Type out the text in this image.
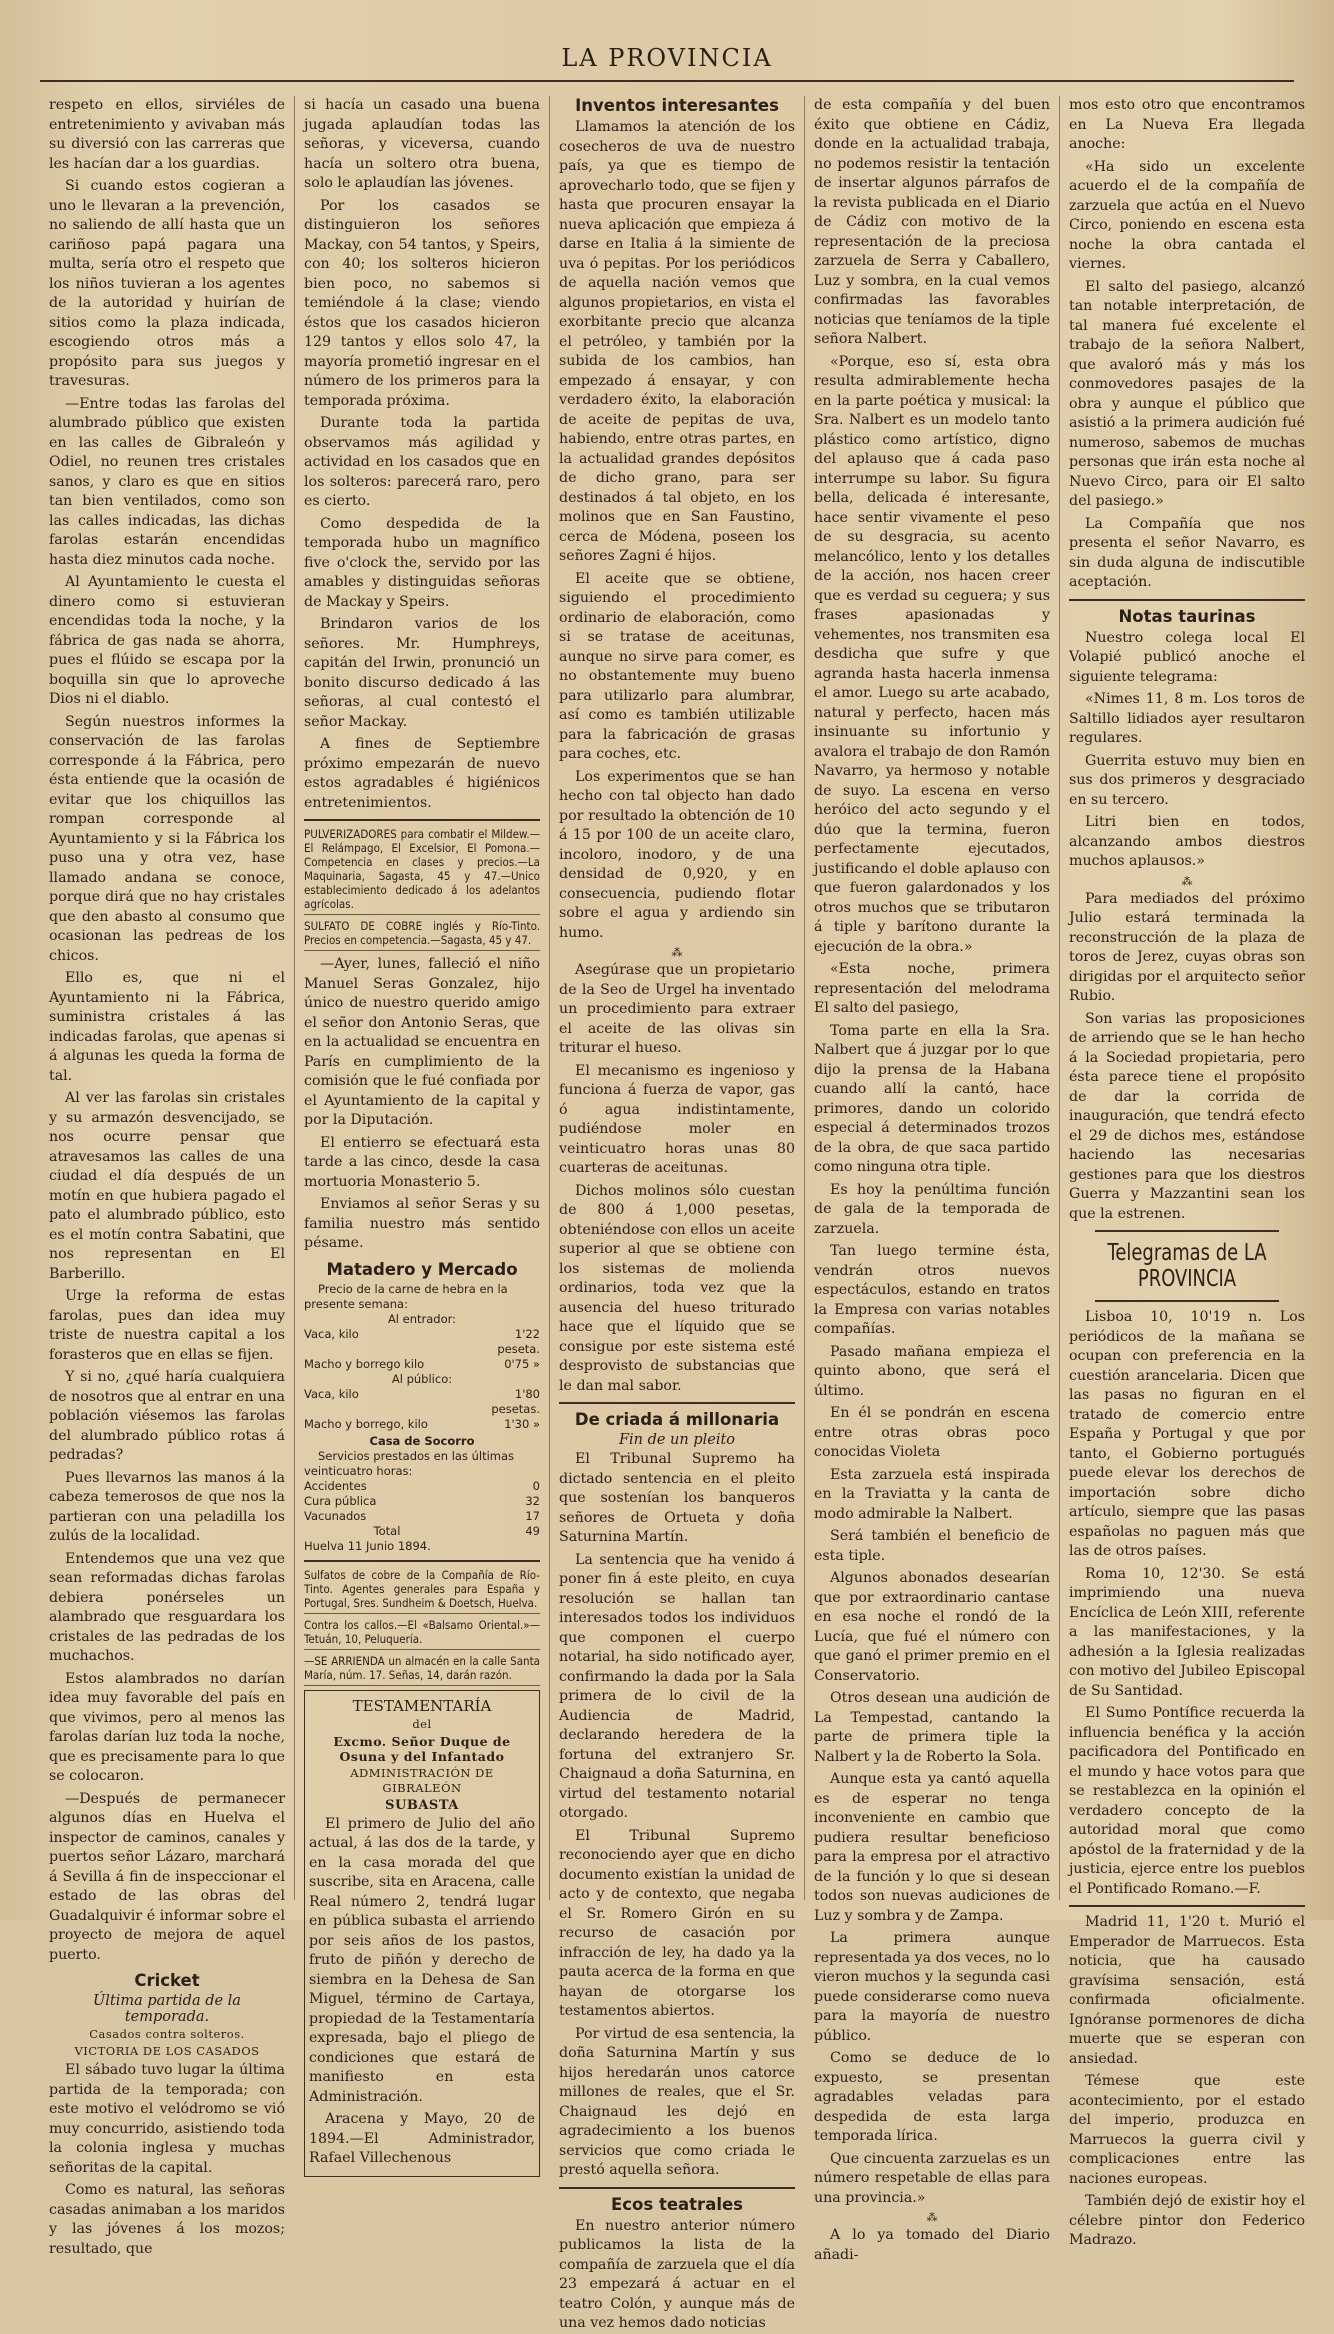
LA PROVINCIA

respeto en ellos, sirviéles de entretenimiento y avivaban más su diversió con las carreras que les hacían dar a los guardias.

Si cuando estos cogieran a uno le llevaran a la prevención, no saliendo de allí hasta que un cariñoso papá pagara una multa, sería otro el respeto que los niños tuvieran a los agentes de la autoridad y huirían de sitios como la plaza indicada, escogiendo otros más a propósito para sus juegos y travesuras.

—Entre todas las farolas del alumbrado público que existen en las calles de Gibraleón y Odiel, no reunen tres cristales sanos, y claro es que en sitios tan bien ventilados, como son las calles indicadas, las dichas farolas estarán encendidas hasta diez minutos cada noche.

Al Ayuntamiento le cuesta el dinero como si estuvieran encendidas toda la noche, y la fábrica de gas nada se ahorra, pues el flúido se escapa por la boquilla sin que lo aproveche Dios ni el diablo.

Según nuestros informes la conservación de las farolas corresponde á la Fábrica, pero ésta entiende que la ocasión de evitar que los chiquillos las rompan corresponde al Ayuntamiento y si la Fábrica los puso una y otra vez, hase llamado andana se conoce, porque dirá que no hay cristales que den abasto al consumo que ocasionan las pedreas de los chicos.

Ello es, que ni el Ayuntamiento ni la Fábrica, suministra cristales á las indicadas farolas, que apenas si á algunas les queda la forma de tal.

Al ver las farolas sin cristales y su armazón desvencijado, se nos ocurre pensar que atravesamos las calles de una ciudad el día después de un motín en que hubiera pagado el pato el alumbrado público, esto es el motín contra Sabatini, que nos representan en El Barberillo.

Urge la reforma de estas farolas, pues dan idea muy triste de nuestra capital a los forasteros que en ellas se fijen.

Y si no, ¿qué haría cualquiera de nosotros que al entrar en una población viésemos las farolas del alumbrado público rotas á pedradas?

Pues llevarnos las manos á la cabeza temerosos de que nos la partieran con una peladilla los zulús de la localidad.

Entendemos que una vez que sean reformadas dichas farolas debiera ponérseles un alambrado que resguardara los cristales de las pedradas de los muchachos.

Estos alambrados no darían idea muy favorable del país en que vivimos, pero al menos las farolas darían luz toda la noche, que es precisamente para lo que se colocaron.

—Después de permanecer algunos días en Huelva el inspector de caminos, canales y puertos señor Lázaro, marchará á Sevilla á fin de inspeccionar el estado de las obras del Guadalquivir é informar sobre el proyecto de mejora de aquel puerto.

Cricket
Última partida de la temporada.
Casados contra solteros.
VICTORIA DE LOS CASADOS

El sábado tuvo lugar la última partida de la temporada; con este motivo el velódromo se vió muy concurrido, asistiendo toda la colonia inglesa y muchas señoritas de la capital.

Como es natural, las señoras casadas animaban a los maridos y las jóvenes á los mozos; resultado, que

si hacía un casado una buena jugada aplaudían todas las señoras, y viceversa, cuando hacía un soltero otra buena, solo le aplaudían las jóvenes.

Por los casados se distinguieron los señores Mackay, con 54 tantos, y Speirs, con 40; los solteros hicieron bien poco, no sabemos si temiéndole á la clase; viendo éstos que los casados hicieron 129 tantos y ellos solo 47, la mayoría prometió ingresar en el número de los primeros para la temporada próxima.

Durante toda la partida observamos más agilidad y actividad en los casados que en los solteros: parecerá raro, pero es cierto.

Como despedida de la temporada hubo un magnífico five o'clock the, servido por las amables y distinguidas señoras de Mackay y Speirs.

Brindaron varios de los señores. Mr. Humphreys, capitán del Irwin, pronunció un bonito discurso dedicado á las señoras, al cual contestó el señor Mackay.

A fines de Septiembre próximo empezarán de nuevo estos agradables é higiénicos entretenimientos.

PULVERIZADORES para combatir el Mildew.—El Relámpago, El Excelsior, El Pomona.—Competencia en clases y precios.—La Maquinaria, Sagasta, 45 y 47.—Unico establecimiento dedicado á los adelantos agrícolas.
SULFATO DE COBRE inglés y Río-Tinto. Precios en competencia.—Sagasta, 45 y 47.

—Ayer, lunes, falleció el niño Manuel Seras Gonzalez, hijo único de nuestro querido amigo el señor don Antonio Seras, que en la actualidad se encuentra en París en cumplimiento de la comisión que le fué confiada por el Ayuntamiento de la capital y por la Diputación.

El entierro se efectuará esta tarde a las cinco, desde la casa mortuoria Monasterio 5.

Enviamos al señor Seras y su familia nuestro más sentido pésame.

Matadero y Mercado

Precio de la carne de hebra en la presente semana:

Al entrador:

Vaca, kilo	1'22 peseta.
Macho y borrego kilo	0'75 »

Al público:

Vaca, kilo	1'80 pesetas.
Macho y borrego, kilo	1'30 »

Casa de Socorro

Servicios prestados en las últimas veinticuatro horas:

Accidentes	0
Cura pública	32
Vacunados	17
Total	49

Huelva 11 Junio 1894.

Sulfatos de cobre de la Compañía de Río-Tinto. Agentes generales para España y Portugal, Sres. Sundheim & Doetsch, Huelva.
Contra los callos.—El «Balsamo Oriental.»—Tetuán, 10, Peluquería.
—SE ARRIENDA un almacén en la calle Santa María, núm. 17. Señas, 14, darán razón.
TESTAMENTARÍA
del
Excmo. Señor Duque de Osuna y del Infantado
ADMINISTRACIÓN DE GIBRALEÓN
SUBASTA

El primero de Julio del año actual, á las dos de la tarde, y en la casa morada del que suscribe, sita en Aracena, calle Real número 2, tendrá lugar en pública subasta el arriendo por seis años de los pastos, fruto de piñón y derecho de siembra en la Dehesa de San Miguel, término de Cartaya, propiedad de la Testamentaría expresada, bajo el pliego de condiciones que estará de manifiesto en esta Administración.

Aracena y Mayo, 20 de 1894.—El Administrador, Rafael Villechenous

Inventos interesantes

Llamamos la atención de los cosecheros de uva de nuestro país, ya que es tiempo de aprovecharlo todo, que se fijen y hasta que procuren ensayar la nueva aplicación que empieza á darse en Italia á la simiente de uva ó pepitas. Por los periódicos de aquella nación vemos que algunos propietarios, en vista el exorbitante precio que alcanza el petróleo, y también por la subida de los cambios, han empezado á ensayar, y con verdadero éxito, la elaboración de aceite de pepitas de uva, habiendo, entre otras partes, en la actualidad grandes depósitos de dicho grano, para ser destinados á tal objeto, en los molinos que en San Faustino, cerca de Módena, poseen los señores Zagni é hijos.

El aceite que se obtiene, siguiendo el procedimiento ordinario de elaboración, como si se tratase de aceitunas, aunque no sirve para comer, es no obstantemente muy bueno para utilizarlo para alumbrar, así como es también utilizable para la fabricación de grasas para coches, etc.

Los experimentos que se han hecho con tal objecto han dado por resultado la obtención de 10 á 15 por 100 de un aceite claro, incoloro, inodoro, y de una densidad de 0,920, y en consecuencia, pudiendo flotar sobre el agua y ardiendo sin humo.

⁂

Asegúrase que un propietario de la Seo de Urgel ha inventado un procedimiento para extraer el aceite de las olivas sin triturar el hueso.

El mecanismo es ingenioso y funciona á fuerza de vapor, gas ó agua indistintamente, pudiéndose moler en veinticuatro horas unas 80 cuarteras de aceitunas.

Dichos molinos sólo cuestan de 800 á 1,000 pesetas, obteniéndose con ellos un aceite superior al que se obtiene con los sistemas de molienda ordinarios, toda vez que la ausencia del hueso triturado hace que el líquido que se consigue por este sistema esté desprovisto de substancias que le dan mal sabor.

De criada á millonaria
Fin de un pleito

El Tribunal Supremo ha dictado sentencia en el pleito que sostenían los banqueros señores de Ortueta y doña Saturnina Martín.

La sentencia que ha venido á poner fin á este pleito, en cuya resolución se hallan tan interesados todos los individuos que componen el cuerpo notarial, ha sido notificado ayer, confirmando la dada por la Sala primera de lo civil de la Audiencia de Madrid, declarando heredera de la fortuna del extranjero Sr. Chaignaud a doña Saturnina, en virtud del testamento notarial otorgado.

El Tribunal Supremo reconociendo ayer que en dicho documento existían la unidad de acto y de contexto, que negaba el Sr. Romero Girón en su recurso de casación por infracción de ley, ha dado ya la pauta acerca de la forma en que hayan de otorgarse los testamentos abiertos.

Por virtud de esa sentencia, la doña Saturnina Martín y sus hijos heredarán unos catorce millones de reales, que el Sr. Chaignaud les dejó en agradecimiento a los buenos servicios que como criada le prestó aquella señora.

Ecos teatrales

En nuestro anterior número publicamos la lista de la compañía de zarzuela que el día 23 empezará á actuar en el teatro Colón, y aunque más de una vez hemos dado noticias

de esta compañía y del buen éxito que obtiene en Cádiz, donde en la actualidad trabaja, no podemos resistir la tentación de insertar algunos párrafos de la revista publicada en el Diario de Cádiz con motivo de la representación de la preciosa zarzuela de Serra y Caballero, Luz y sombra, en la cual vemos confirmadas las favorables noticias que teníamos de la tiple señora Nalbert.

«Porque, eso sí, esta obra resulta admirablemente hecha en la parte poética y musical: la Sra. Nalbert es un modelo tanto plástico como artístico, digno del aplauso que á cada paso interrumpe su labor. Su figura bella, delicada é interesante, hace sentir vivamente el peso de su desgracia, su acento melancólico, lento y los detalles de la acción, nos hacen creer que es verdad su ceguera; y sus frases apasionadas y vehementes, nos transmiten esa desdicha que sufre y que agranda hasta hacerla inmensa el amor. Luego su arte acabado, natural y perfecto, hacen más insinuante su infortunio y avalora el trabajo de don Ramón Navarro, ya hermoso y notable de suyo. La escena en verso heróico del acto segundo y el dúo que la termina, fueron perfectamente ejecutados, justificando el doble aplauso con que fueron galardonados y los otros muchos que se tributaron á tiple y barítono durante la ejecución de la obra.»

«Esta noche, primera representación del melodrama El salto del pasiego,

Toma parte en ella la Sra. Nalbert que á juzgar por lo que dijo la prensa de la Habana cuando allí la cantó, hace primores, dando un colorido especial á determinados trozos de la obra, de que saca partido como ninguna otra tiple.

Es hoy la penúltima función de gala de la temporada de zarzuela.

Tan luego termine ésta, vendrán otros nuevos espectáculos, estando en tratos la Empresa con varias notables compañías.

Pasado mañana empieza el quinto abono, que será el último.

En él se pondrán en escena entre otras obras poco conocidas Violeta

Esta zarzuela está inspirada en la Traviatta y la canta de modo admirable la Nalbert.

Será también el beneficio de esta tiple.

Algunos abonados desearían que por extraordinario cantase en esa noche el rondó de la Lucía, que fué el número con que ganó el primer premio en el Conservatorio.

Otros desean una audición de La Tempestad, cantando la parte de primera tiple la Nalbert y la de Roberto la Sola.

Aunque esta ya cantó aquella es de esperar no tenga inconveniente en cambio que pudiera resultar beneficioso para la empresa por el atractivo de la función y lo que si desean todos son nuevas audiciones de Luz y sombra y de Zampa.

La primera aunque representada ya dos veces, no lo vieron muchos y la segunda casi puede considerarse como nueva para la mayoría de nuestro público.

Como se deduce de lo expuesto, se presentan agradables veladas para despedida de esta larga temporada lírica.

Que cincuenta zarzuelas es un número respetable de ellas para una provincia.»

⁂

A lo ya tomado del Diario añadi-

mos esto otro que encontramos en La Nueva Era llegada anoche:

«Ha sido un excelente acuerdo el de la compañía de zarzuela que actúa en el Nuevo Circo, poniendo en escena esta noche la obra cantada el viernes.

El salto del pasiego, alcanzó tan notable interpretación, de tal manera fué excelente el trabajo de la señora Nalbert, que avaloró más y más los conmovedores pasajes de la obra y aunque el público que asistió a la primera audición fué numeroso, sabemos de muchas personas que irán esta noche al Nuevo Circo, para oir El salto del pasiego.»

La Compañía que nos presenta el señor Navarro, es sin duda alguna de indiscutible aceptación.

Notas taurinas

Nuestro colega local El Volapié publicó anoche el siguiente telegrama:

«Nimes 11, 8 m. Los toros de Saltillo lidiados ayer resultaron regulares.

Guerrita estuvo muy bien en sus dos primeros y desgraciado en su tercero.

Litri bien en todos, alcanzando ambos diestros muchos aplausos.»

⁂

Para mediados del próximo Julio estará terminada la reconstrucción de la plaza de toros de Jerez, cuyas obras son dirigidas por el arquitecto señor Rubio.

Son varias las proposiciones de arriendo que se le han hecho á la Sociedad propietaria, pero ésta parece tiene el propósito de dar la corrida de inauguración, que tendrá efecto el 29 de dichos mes, estándose haciendo las necesarias gestiones para que los diestros Guerra y Mazzantini sean los que la estrenen.

Telegramas de LA PROVINCIA

Lisboa 10, 10'19 n. Los periódicos de la mañana se ocupan con preferencia en la cuestión arancelaria. Dicen que las pasas no figuran en el tratado de comercio entre España y Portugal y que por tanto, el Gobierno portugués puede elevar los derechos de importación sobre dicho artículo, siempre que las pasas españolas no paguen más que las de otros países.

Roma 10, 12'30. Se está imprimiendo una nueva Encíclica de León XIII, referente a las manifestaciones, y la adhesión a la Iglesia realizadas con motivo del Jubileo Episcopal de Su Santidad.

El Sumo Pontífice recuerda la influencia benéfica y la acción pacificadora del Pontificado en el mundo y hace votos para que se restablezca en la opinión el verdadero concepto de la autoridad moral que como apóstol de la fraternidad y de la justicia, ejerce entre los pueblos el Pontificado Romano.—F.

Madrid 11, 1'20 t. Murió el Emperador de Marruecos. Esta noticia, que ha causado gravísima sensación, está confirmada oficialmente. Ignóranse pormenores de dicha muerte que se esperan con ansiedad.

Témese que este acontecimiento, por el estado del imperio, produzca en Marruecos la guerra civil y complicaciones entre las naciones europeas.

También dejó de existir hoy el célebre pintor don Federico Madrazo.
